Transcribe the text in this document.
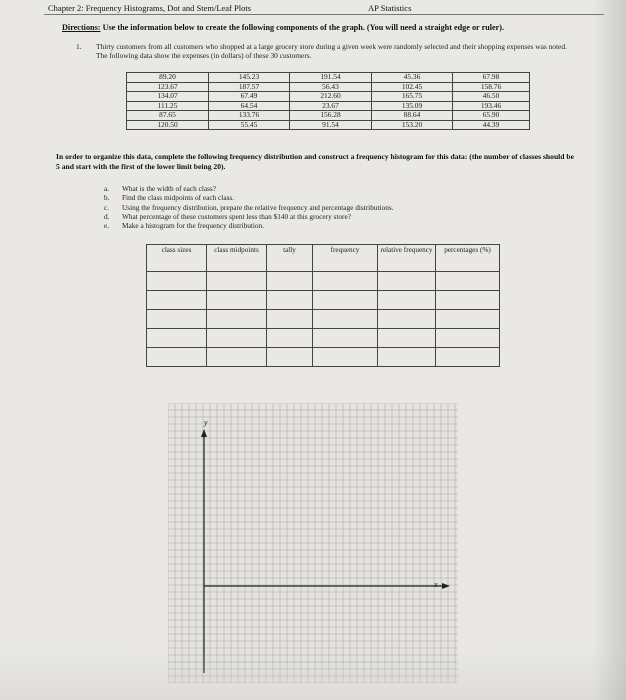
Chapter 2: Frequency Histograms, Dot and Stem/Leaf Plots	AP Statistics
Directions: Use the information below to create the following components of the graph. (You will need a straight edge or ruler).
1. Thirty customers from all customers who shopped at a large grocery store during a given week were randomly selected and their shopping expenses was noted. The following data show the expenses (in dollars) of these 30 customers.
89.20	145.23	191.54	45.36	67.98
123.67	187.57	56.43	102.45	158.76
134.07	67.49	212.60	165.75	46.50
111.25	64.54	23.67	135.09	193.46
87.65	133.76	156.28	88.64	65.90
120.50	55.45	91.54	153.20	44.39
In order to organize this data, complete the following frequency distribution and construct a frequency histogram for this data: (the number of classes should be 5 and start with the first of the lower limit being 20).
a. What is the width of each class?
b. Find the class midpoints of each class.
c. Using the frequency distribution, prepare the relative frequency and percentage distributions.
d. What percentage of these customers spent less than $140 at this grocery store?
e. Make a histogram for the frequency distribution.
class sizes	class midpoints	tally	frequency	relative frequency	percentages (%)

y
x
